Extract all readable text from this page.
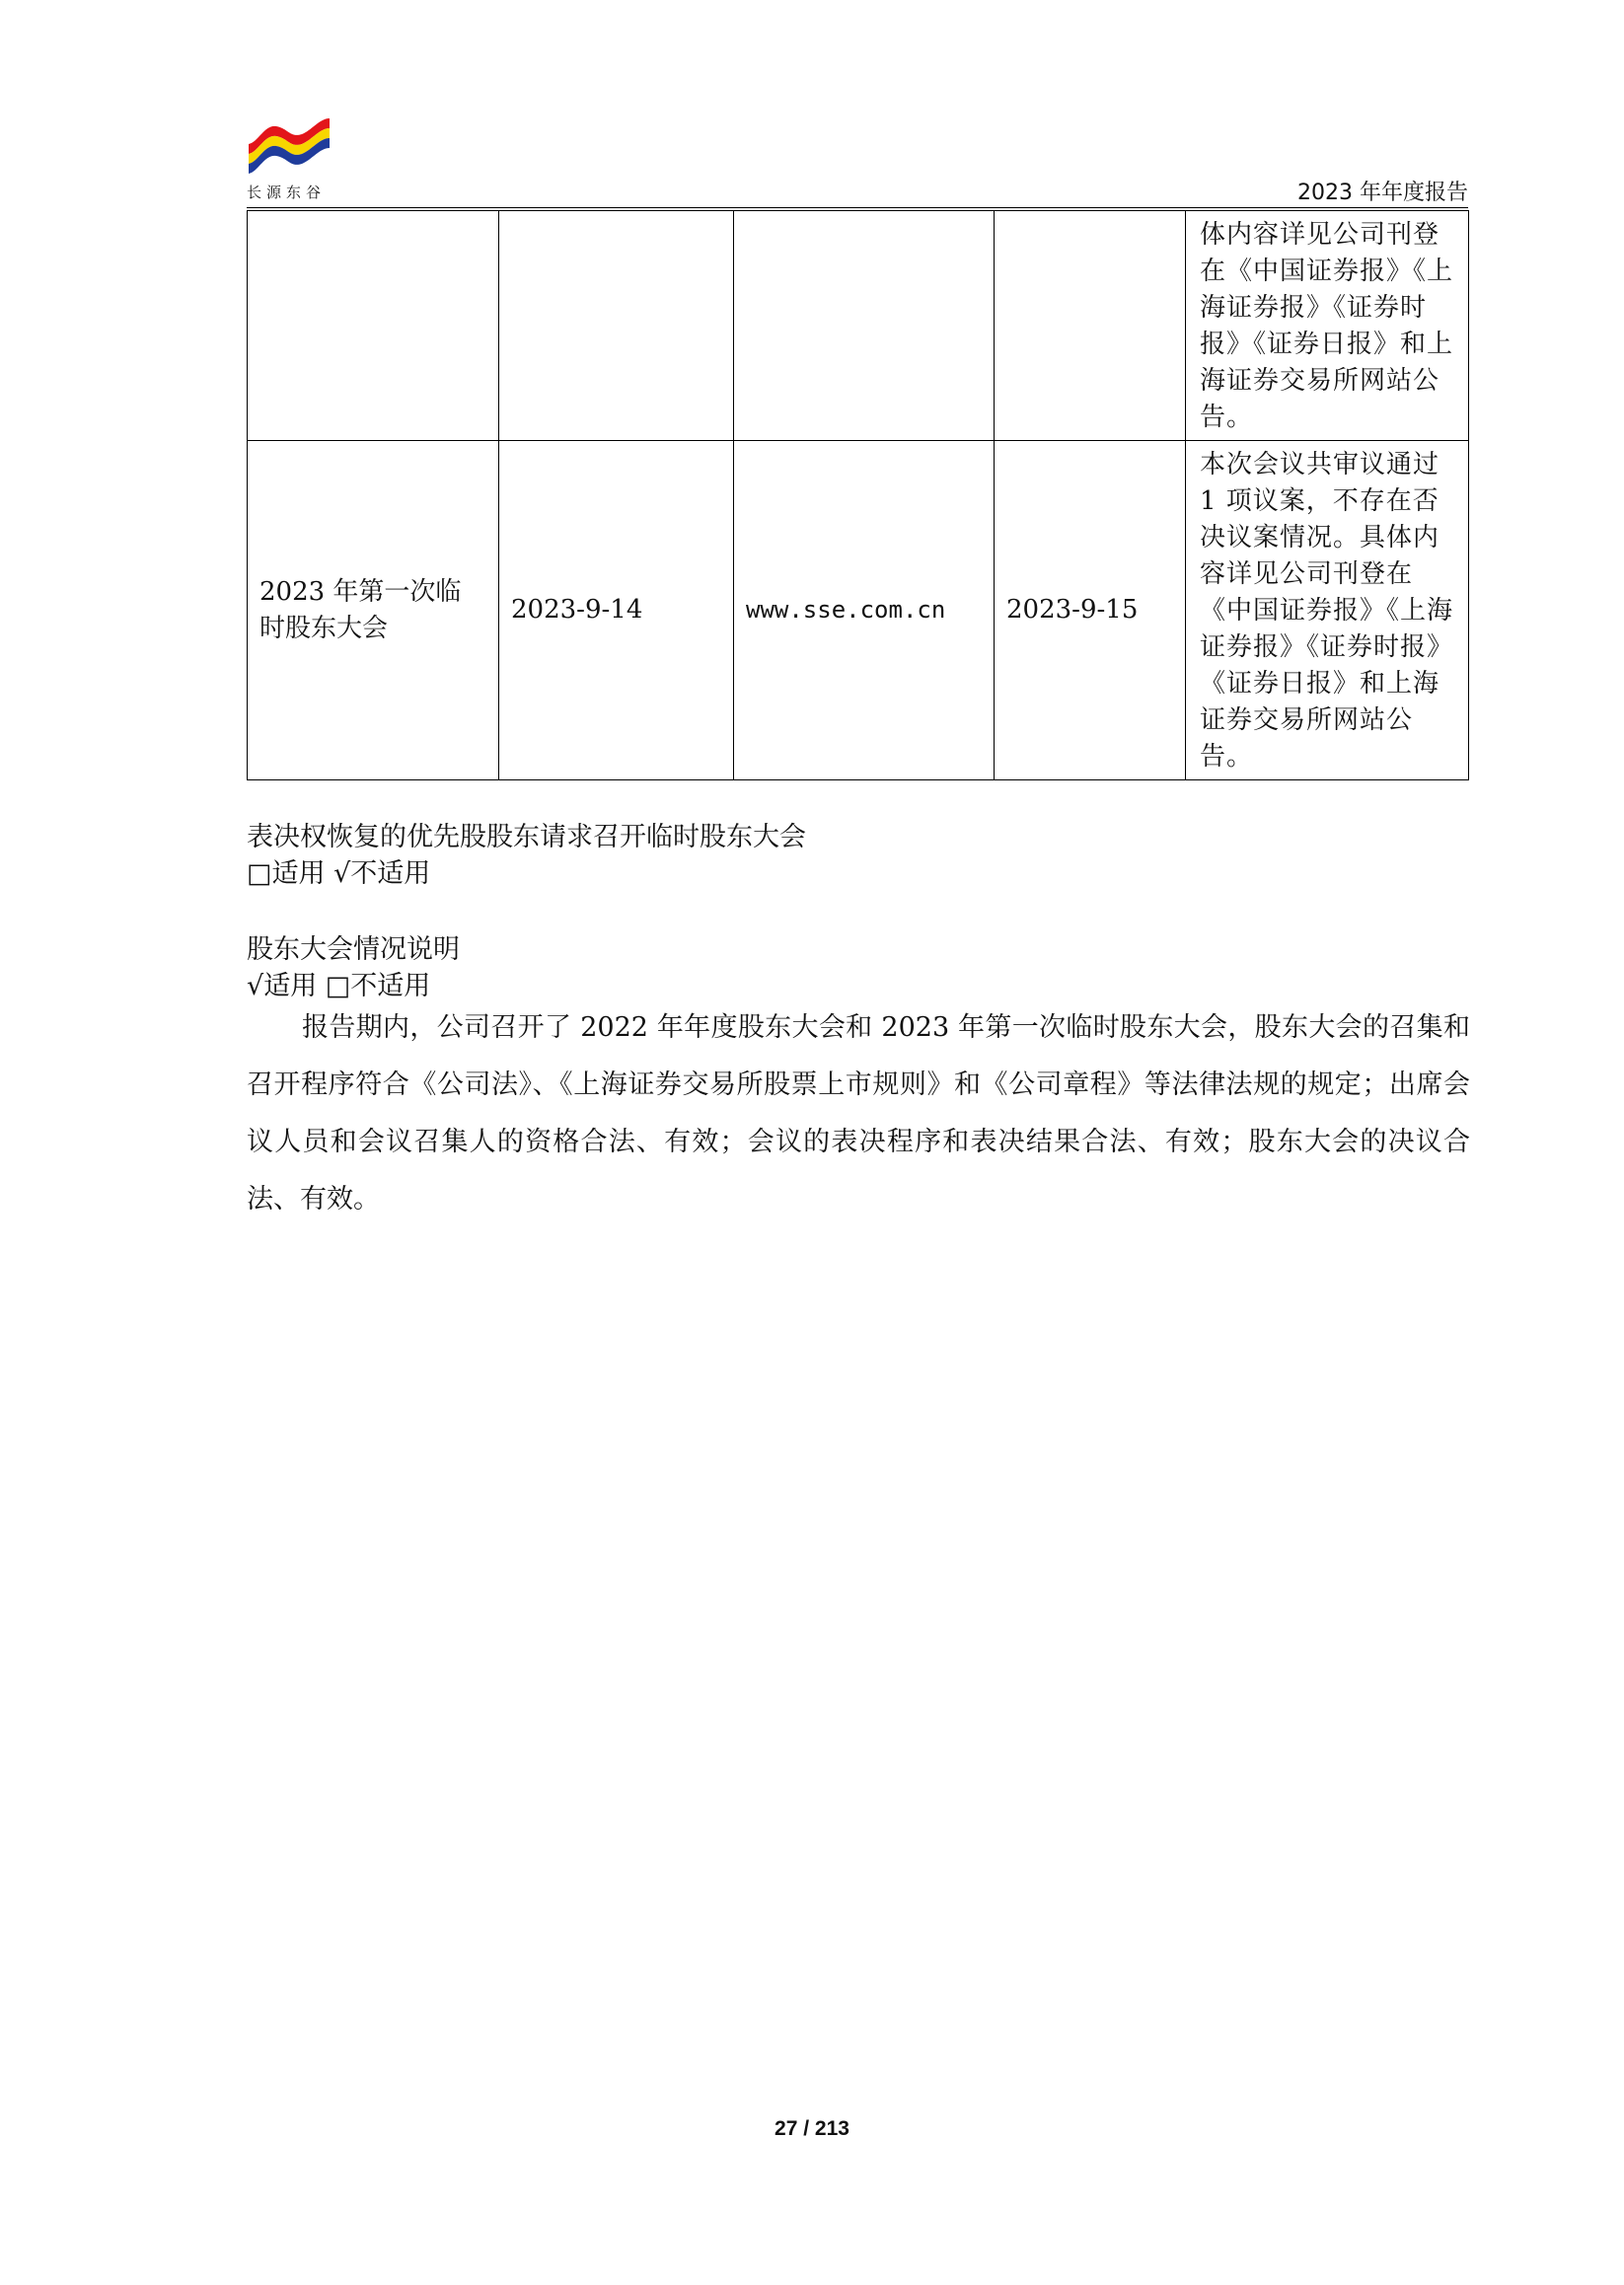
长源东谷	2023 年年度报告
				体内容详见公司刊登在《中国证券报》《上海证券报》《证券时报》《证券日报》和上海证券交易所网站公告。
2023 年第一次临时股东大会	2023-9-14	www.sse.com.cn	2023-9-15	本次会议共审议通过 1 项议案，不存在否决议案情况。具体内容详见公司刊登在《中国证券报》《上海证券报》《证券时报》《证券日报》和上海证券交易所网站公告。
表决权恢复的优先股股东请求召开临时股东大会
□适用 √不适用
股东大会情况说明
√适用 □不适用
报告期内，公司召开了 2022 年年度股东大会和 2023 年第一次临时股东大会，股东大会的召集和召开程序符合《公司法》、《上海证券交易所股票上市规则》和《公司章程》等法律法规的规定；出席会议人员和会议召集人的资格合法、有效；会议的表决程序和表决结果合法、有效；股东大会的决议合法、有效。
27 / 213
